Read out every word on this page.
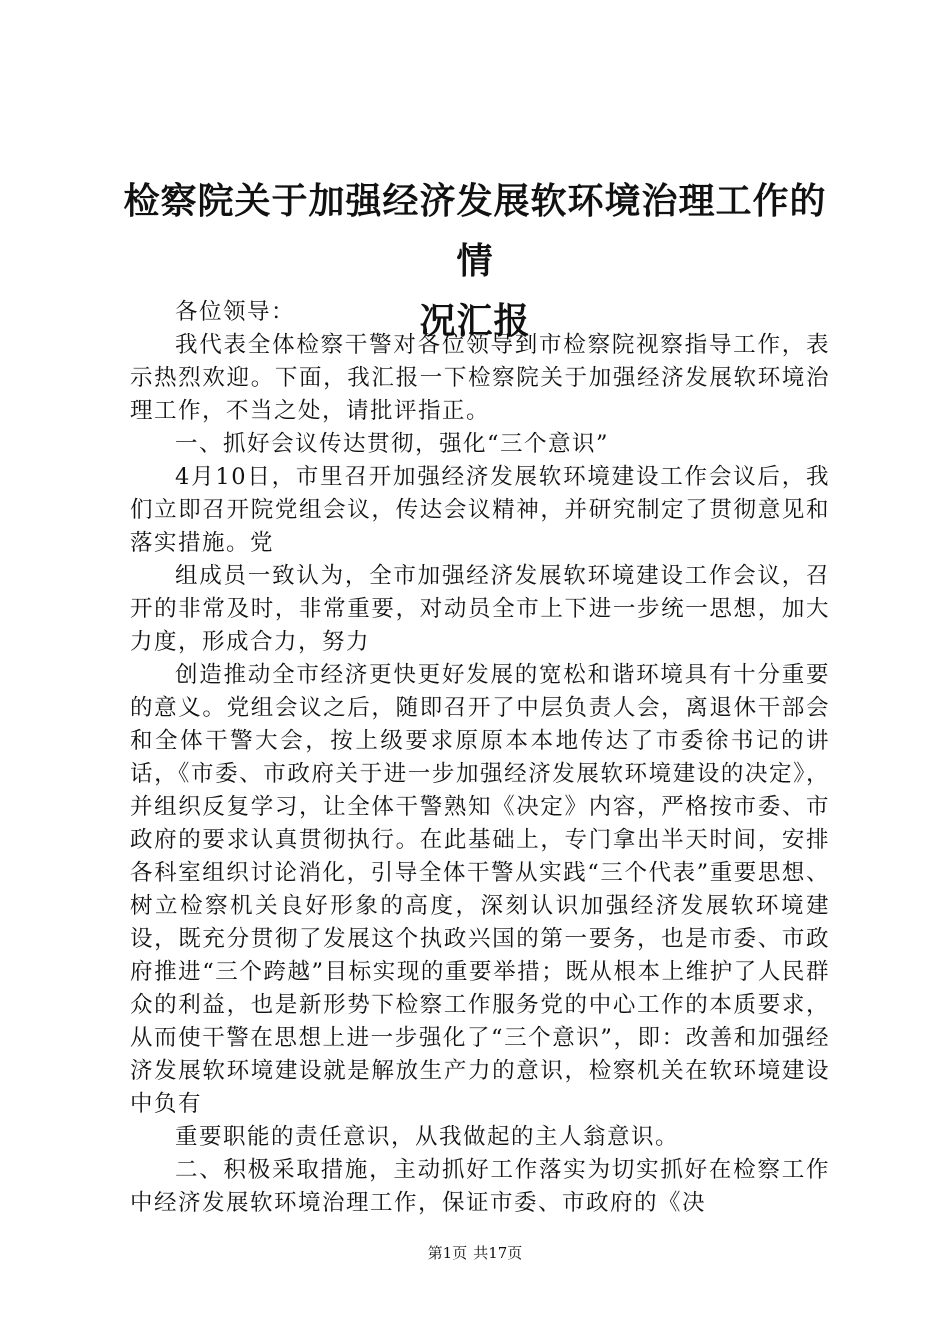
检察院关于加强经济发展软环境治理工作的情
况汇报

各位领导：

我代表全体检察干警对各位领导到市检察院视察指导工作，表示热烈欢迎。下面，我汇报一下检察院关于加强经济发展软环境治理工作，不当之处，请批评指正。

一、抓好会议传达贯彻，强化“三个意识”

4月10日，市里召开加强经济发展软环境建设工作会议后，我们立即召开院党组会议，传达会议精神，并研究制定了贯彻意见和落实措施。党

组成员一致认为，全市加强经济发展软环境建设工作会议，召开的非常及时，非常重要，对动员全市上下进一步统一思想，加大力度，形成合力，努力

创造推动全市经济更快更好发展的宽松和谐环境具有十分重要的意义。党组会议之后，随即召开了中层负责人会，离退休干部会和全体干警大会，按上级要求原原本本地传达了市委徐书记的讲话，《市委、市政府关于进一步加强经济发展软环境建设的决定》，并组织反复学习，让全体干警熟知《决定》内容，严格按市委、市政府的要求认真贯彻执行。在此基础上，专门拿出半天时间，安排各科室组织讨论消化，引导全体干警从实践“三个代表”重要思想、树立检察机关良好形象的高度，深刻认识加强经济发展软环境建设，既充分贯彻了发展这个执政兴国的第一要务，也是市委、市政府推进“三个跨越”目标实现的重要举措；既从根本上维护了人民群众的利益，也是新形势下检察工作服务党的中心工作的本质要求，从而使干警在思想上进一步强化了“三个意识”，即：改善和加强经济发展软环境建设就是解放生产力的意识，检察机关在软环境建设中负有

重要职能的责任意识，从我做起的主人翁意识。

二、积极采取措施，主动抓好工作落实为切实抓好在检察工作中经济发展软环境治理工作，保证市委、市政府的《决

第1页 共17页
